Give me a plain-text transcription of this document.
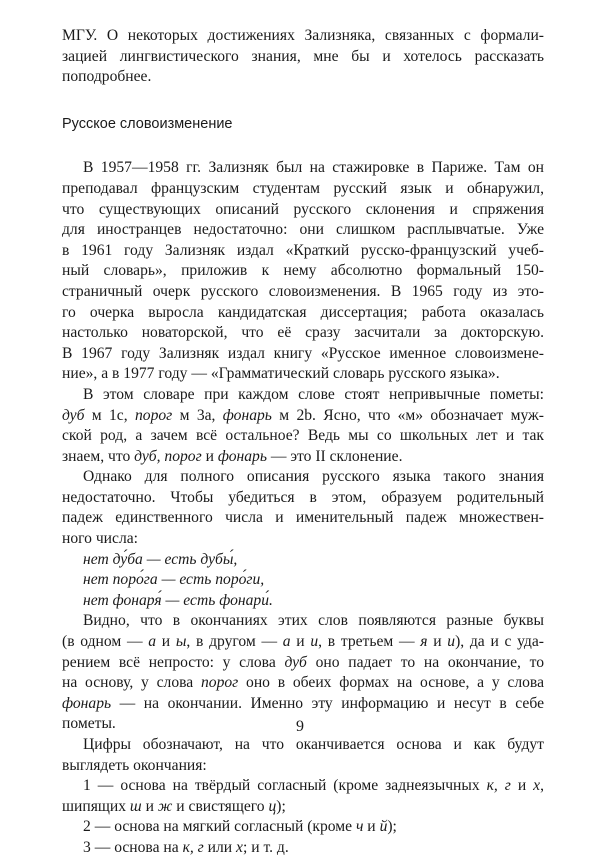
МГУ. О некоторых достижениях Зализняка, связанных с формали-
зацией лингвистического знания, мне бы и хотелось рассказать
поподробнее.

Русское словоизменение

В 1957—1958 гг. Зализняк был на стажировке в Париже. Там он
преподавал французским студентам русский язык и обнаружил,
что существующих описаний русского склонения и спряжения
для иностранцев недостаточно: они слишком расплывчатые. Уже
в 1961 году Зализняк издал «Краткий русско-французский учеб-
ный словарь», приложив к нему абсолютно формальный 150-
страничный очерк русского словоизменения. В 1965 году из это-
го очерка выросла кандидатская диссертация; работа оказалась
настолько новаторской, что её сразу засчитали за докторскую.
В 1967 году Зализняк издал книгу «Русское именное словоизмене-
ние», а в 1977 году — «Грамматический словарь русского языка».

В этом словаре при каждом слове стоят непривычные пометы:
дуб м 1с, порог м 3а, фонарь м 2b. Ясно, что «м» обозначает муж-
ской род, а зачем всё остальное? Ведь мы со школьных лет и так
знаем, что дуб, порог и фонарь — это II склонение.

Однако для полного описания русского языка такого знания
недостаточно. Чтобы убедиться в этом, образуем родительный
падеж единственного числа и именительный падеж множествен-
ного числа:

нет ду́ба — есть дубы́,

нет поро́га — есть поро́ги,

нет фонаря́ — есть фонари́.

Видно, что в окончаниях этих слов появляются разные буквы
(в одном — а и ы, в другом — а и и, в третьем — я и и), да и с уда-
рением всё непросто: у слова дуб оно падает то на окончание, то
на основу, у слова порог оно в обеих формах на основе, а у слова
фонарь — на окончании. Именно эту информацию и несут в себе
пометы.

Цифры обозначают, на что оканчивается основа и как будут
выглядеть окончания:

1 — основа на твёрдый согласный (кроме заднеязычных к, г и х,
шипящих ш и ж и свистящего ц);

2 — основа на мягкий согласный (кроме ч и й);

3 — основа на к, г или х; и т. д.

9
